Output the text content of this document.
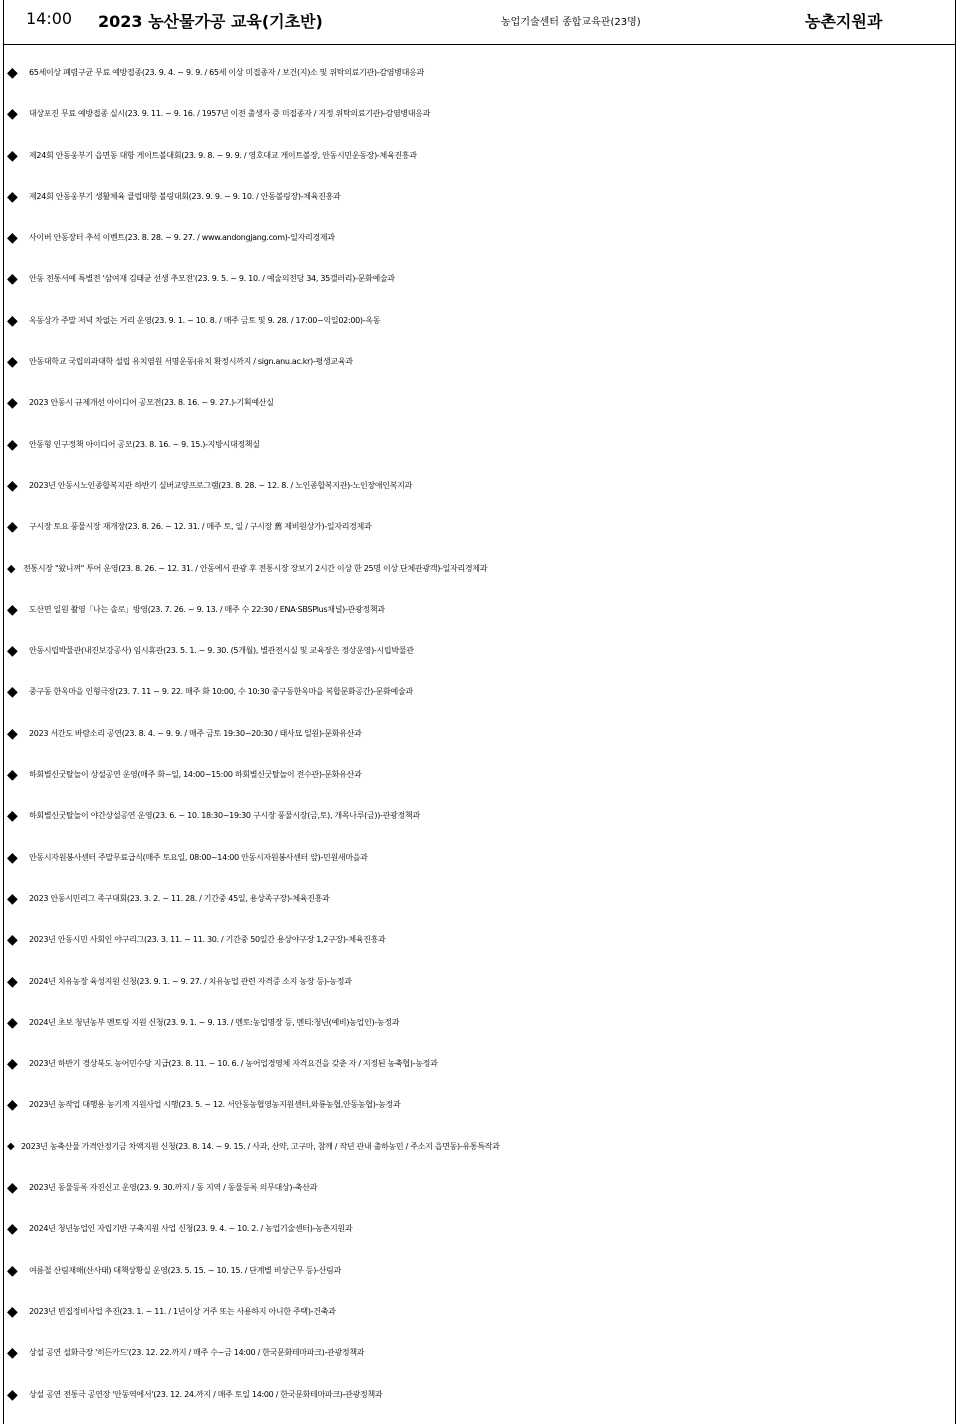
14:00 2023 농산물가공 교육(기초반)	농업기술센터 종합교육관(23명)	농촌지원과
◆	65세이상 폐렴구균 무료 예방접종(23. 9. 4. ~ 9. 9. / 65세 이상 미접종자 / 보건(지)소 및 위탁의료기관)-감염병대응과
◆	대상포진 무료 예방접종 실시(23. 9. 11. ~ 9. 16. / 1957년 이전 출생자 중 미접종자 / 지정 위탁의료기관)-감염병대응과
◆	제24회 안동웅부기 읍면동 대항 게이트볼대회(23. 9. 8. ~ 9. 9. / 영호대교 게이트볼장, 안동시민운동장)-체육진흥과
◆	제24회 안동웅부기 생활체육 클럽대항 볼링대회(23. 9. 9. ~ 9. 10. / 안동볼링장)-체육진흥과
◆	사이버 안동장터 추석 이벤트(23. 8. 28. ~ 9. 27. / www.andongjang.com)-일자리경제과
◆	안동 전통서예 특별전 '삼여재 김태균 선생 추모전'(23. 9. 5. ~ 9. 10. / 예술의전당 34, 35갤러리)-문화예술과
◆	옥동상가 주말 저녁 차없는 거리 운영(23. 9. 1. ~ 10. 8. / 매주 금토 및 9. 28. / 17:00~익일02:00)-옥동
◆	안동대학교 국립의과대학 설립 유치염원 서명운동(유치 확정시까지 / sign.anu.ac.kr)-평생교육과
◆	2023 안동시 규제개선 아이디어 공모전(23. 8. 16. ~ 9. 27.)-기획예산실
◆	안동형 인구정책 아이디어 공모(23. 8. 16. ~ 9. 15.)-지방시대정책실
◆	2023년 안동시노인종합복지관 하반기 실버교양프로그램(23. 8. 28. ~ 12. 8. / 노인종합복지관)-노인장애인복지과
◆	구시장 토요 풍물시장 재개장(23. 8. 26. ~ 12. 31. / 매주 토, 일 / 구시장 舊 제비원상가)-일자리경제과
◆ 전통시장 "왔니껴" 투어 운영(23. 8. 26. ~ 12. 31. / 안동에서 관광 후 전통시장 장보기 2시간 이상 한 25명 이상 단체관광객)-일자리경제과
◆	도산면 일원 촬영「나는 솔로」방영(23. 7. 26. ~ 9. 13. / 매주 수 22:30 / ENA·SBSPlus채널)-관광정책과
◆	안동시립박물관(내진보강공사) 임시휴관(23. 5. 1. ~ 9. 30. (5개월), 별관전시실 및 교육장은 정상운영)-시립박물관
◆	중구동 한옥마을 인형극장(23. 7. 11 ~ 9. 22. 매주 화 10:00, 수 10:30 중구동한옥마을 복합문화공간)-문화예술과
◆	2023 서간도 바람소리 공연(23. 8. 4. ~ 9. 9. / 매주 금토 19:30~20:30 / 태사묘 일원)-문화유산과
◆	하회별신굿탈놀이 상설공연 운영(매주 화~일, 14:00~15:00 하회별신굿탈놀이 전수관)-문화유산과
◆	하회별신굿탈놀이 야간상설공연 운영(23. 6. ~ 10. 18:30~19:30 구시장 풍물시장(금,토), 개목나루(금))-관광정책과
◆	안동시자원봉사센터 주말무료급식(매주 토요일, 08:00~14:00 안동시자원봉사센터 앞)-민원새마을과
◆	2023 안동시민리그 족구대회(23. 3. 2. ~ 11. 28. / 기간중 45일, 용상족구장)-체육진흥과
◆	2023년 안동시민 사회인 야구리그(23. 3. 11. ~ 11. 30. / 기간중 50일간 용상야구장 1,2구장)-체육진흥과
◆	2024년 치유농장 육성지원 신청(23. 9. 1. ~ 9. 27. / 치유농업 관련 자격증 소지 농장 등)-농정과
◆	2024년 초보 청년농부 멘토링 지원 신청(23. 9. 1. ~ 9. 13. / 멘토:농업명장 등, 멘티:청년(예비)농업인)-농정과
◆	2023년 하반기 경상북도 농어민수당 지급(23. 8. 11. ~ 10. 6. / 농어업경영체 자격요건을 갖춘 자 / 지정된 농축협)-농정과
◆	2023년 농작업 대행용 농기계 지원사업 시행(23. 5. ~ 12. 서안동농협영농지원센터,와룡농협,안동농협)-농정과
◆ 2023년 농축산물 가격안정기금 차액지원 신청(23. 8. 14. ~ 9. 15. / 사과, 산약, 고구마, 참깨 / 작년 관내 출하농민 / 주소지 읍면동)-유통특작과
◆	2023년 동물등록 자진신고 운영(23. 9. 30.까지 / 동 지역 / 동물등록 의무대상)-축산과
◆	2024년 청년농업인 자립기반 구축지원 사업 신청(23. 9. 4. ~ 10. 2. / 농업기술센터)-농촌지원과
◆	여름철 산림재해(산사태) 대책상황실 운영(23. 5. 15. ~ 10. 15. / 단계별 비상근무 등)-산림과
◆	2023년 빈집정비사업 추진(23. 1. ~ 11. / 1년이상 거주 또는 사용하지 아니한 주택)-건축과
◆	상설 공연 설화극장 '히든카드'(23. 12. 22.까지 / 매주 수~금 14:00 / 한국문화테마파크)-관광정책과
◆	상설 공연 전통극 공연장 '안동역에서'(23. 12. 24.까지 / 매주 토일 14:00 / 한국문화테마파크)-관광정책과
